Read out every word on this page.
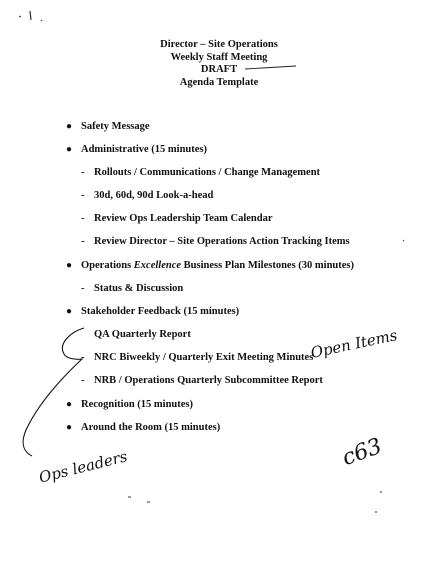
Director – Site Operations
Weekly Staff Meeting
DRAFT
Agenda Template
● Safety Message
● Administrative (15 minutes)
- Rollouts / Communications / Change Management
- 30d, 60d, 90d Look-a-head
- Review Ops Leadership Team Calendar
- Review Director – Site Operations Action Tracking Items
● Operations Excellence Business Plan Milestones (30 minutes)
- Status & Discussion
● Stakeholder Feedback (15 minutes)
QA Quarterly Report
- NRC Biweekly / Quarterly Exit Meeting Minutes
- NRB / Operations Quarterly Subcommittee Report
● Recognition (15 minutes)
● Around the Room (15 minutes)
Open Items
Ops leaders	c63
